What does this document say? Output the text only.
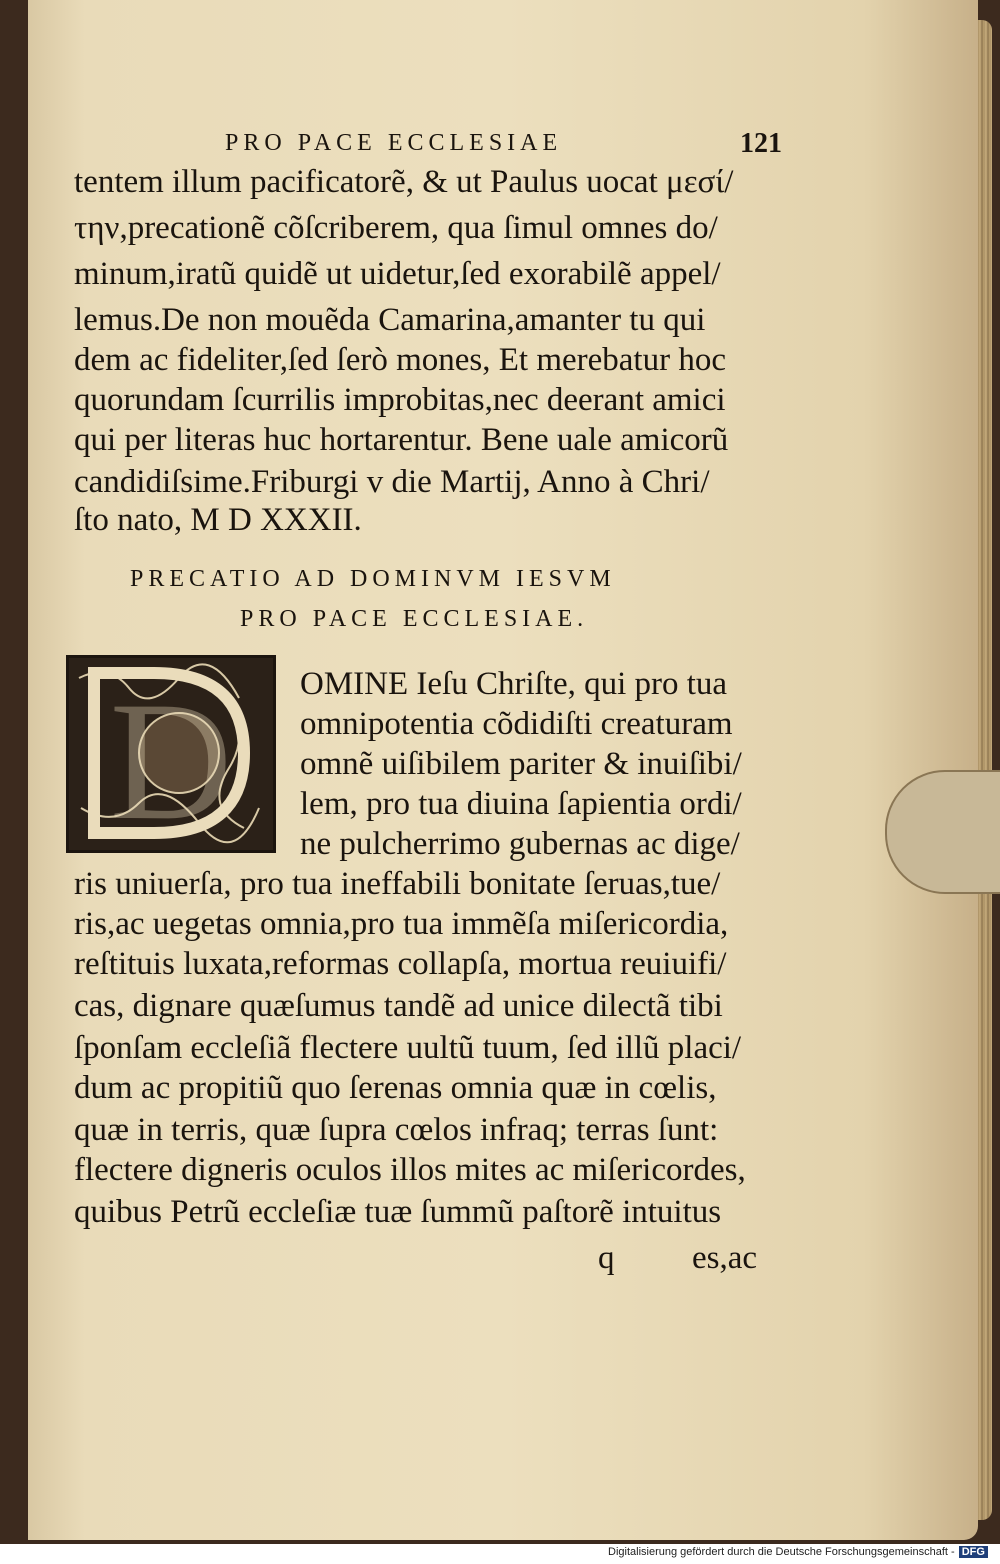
PRO PACE ECCLESIAE	121
tentem illum pacificatorẽ, & ut Paulus uocat μεσί/
την,precationẽ cõſcriberem, qua ſimul omnes do/
minum,iratũ quidẽ ut uidetur,ſed exorabilẽ appel/
lemus.De non mouẽda Camarina,amanter tu qui
dem ac fideliter,ſed ſerò mones, Et merebatur hoc
quorundam ſcurrilis improbitas,nec deerant amici
qui per literas huc hortarentur. Bene uale amicorũ
candidiſsime.Friburgi v die Martij, Anno à Chri/
ſto nato, M D XXXII.
PRECATIO AD DOMINVM IESVM
PRO PACE ECCLESIAE.
D OMINE Ieſu Chriſte, qui pro tua
omnipotentia cõdidiſti creaturam
omnẽ uiſibilem pariter & inuiſibi/
lem, pro tua diuina ſapientia ordi/
ne pulcherrimo gubernas ac dige/
ris uniuerſa, pro tua ineffabili bonitate ſeruas,tue/
ris,ac uegetas omnia,pro tua immẽſa miſericordia,
reſtituis luxata,reformas collapſa, mortua reuiuifi/
cas, dignare quæſumus tandẽ ad unice dilectã tibi
ſponſam eccleſiã flectere uultũ tuum, ſed illũ placi/
dum ac propitiũ quo ſerenas omnia quæ in cœlis,
quæ in terris, quæ ſupra cœlos infraq; terras ſunt:
flectere digneris oculos illos mites ac miſericordes,
quibus Petrũ eccleſiæ tuæ ſummũ paſtorẽ intuitus
q	es,ac
Digitalisierung gefördert durch die Deutsche Forschungsgemeinschaft - DFG
